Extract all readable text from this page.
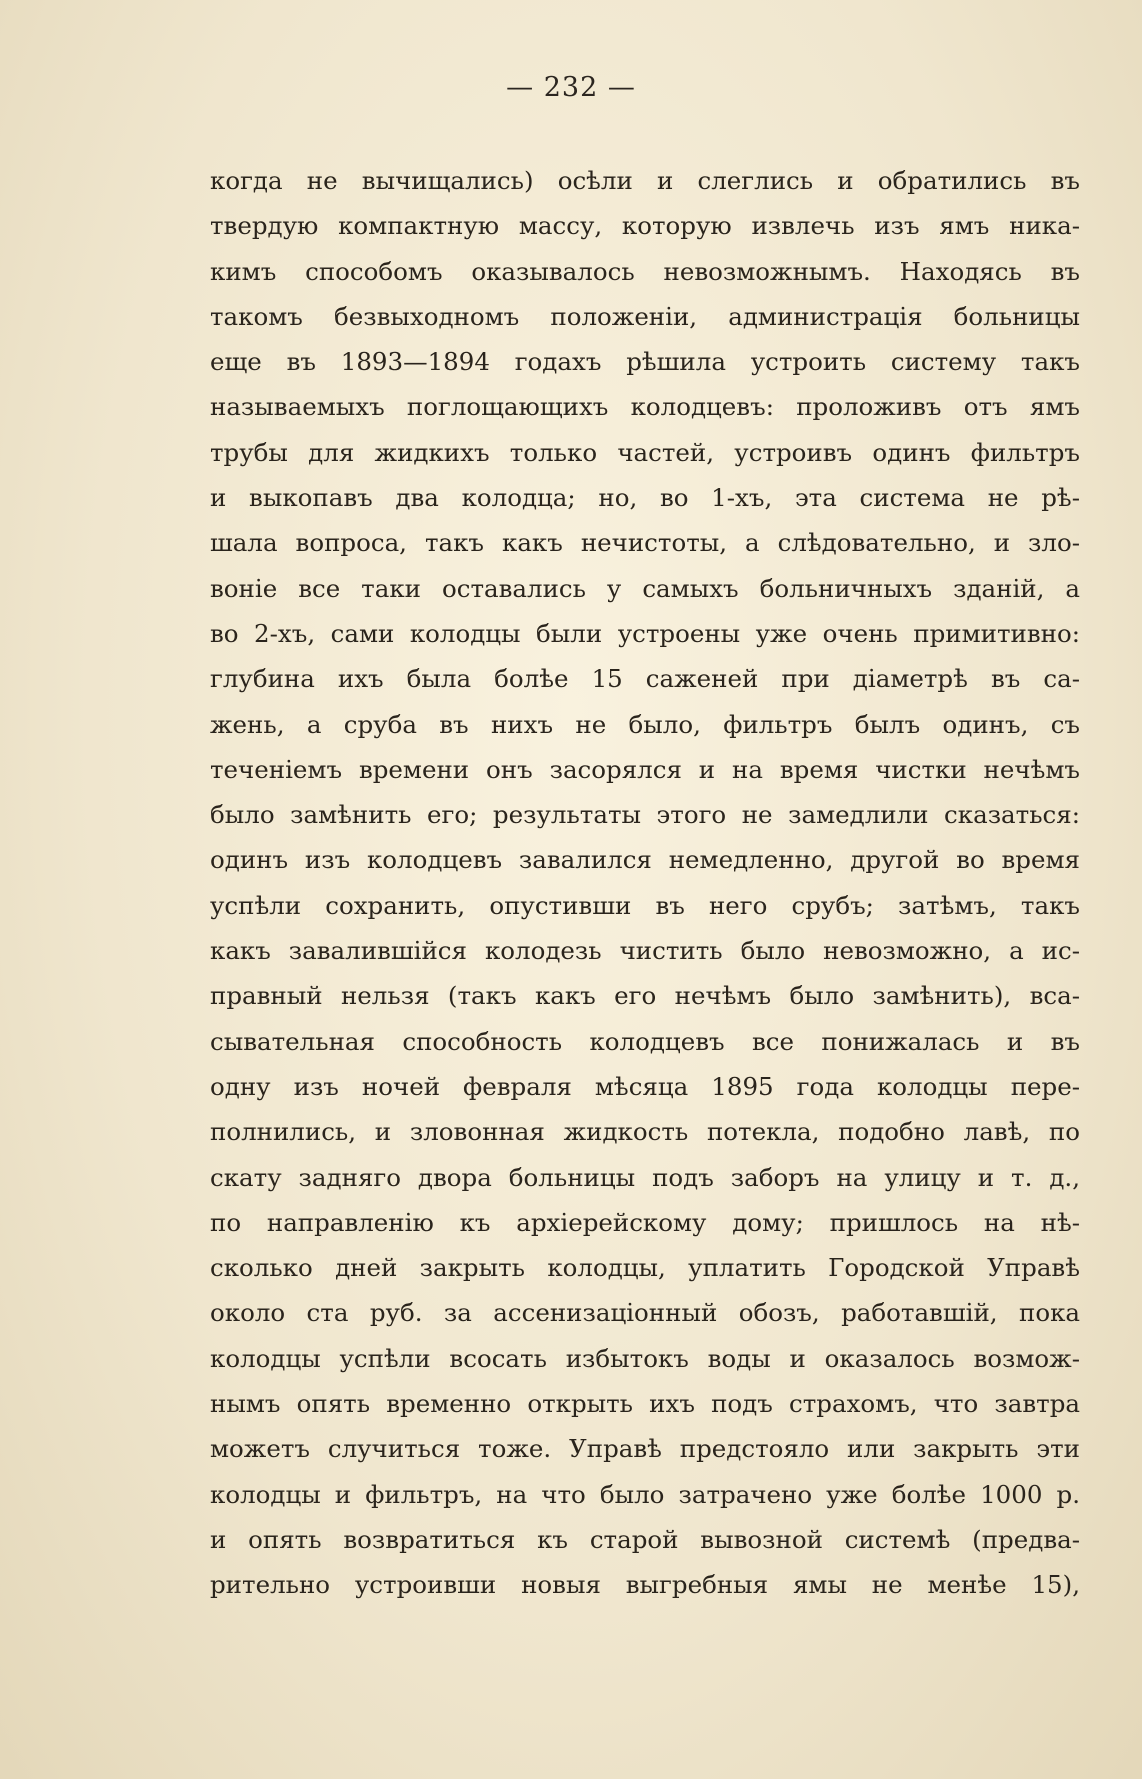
— 232 —
когда не вычищались) осѣли и слеглись и обратились въ
твердую компактную массу, которую извлечь изъ ямъ ника-
кимъ способомъ оказывалось невозможнымъ. Находясь въ
такомъ безвыходномъ положеніи, администрація больницы
еще въ 1893—1894 годахъ рѣшила устроить систему такъ
называемыхъ поглощающихъ колодцевъ: проложивъ отъ ямъ
трубы для жидкихъ только частей, устроивъ одинъ фильтръ
и выкопавъ два колодца; но, во 1-хъ, эта система не рѣ-
шала вопроса, такъ какъ нечистоты, а слѣдовательно, и зло-
воніе все таки оставались у самыхъ больничныхъ зданій, а
во 2-хъ, сами колодцы были устроены уже очень примитивно:
глубина ихъ была болѣе 15 саженей при діаметрѣ въ са-
жень, а сруба въ нихъ не было, фильтръ былъ одинъ, съ
теченіемъ времени онъ засорялся и на время чистки нечѣмъ
было замѣнить его; результаты этого не замедлили сказаться:
одинъ изъ колодцевъ завалился немедленно, другой во время
успѣли сохранить, опустивши въ него срубъ; затѣмъ, такъ
какъ завалившійся колодезь чистить было невозможно, а ис-
правный нельзя (такъ какъ его нечѣмъ было замѣнить), вса-
сывательная способность колодцевъ все понижалась и въ
одну изъ ночей февраля мѣсяца 1895 года колодцы пере-
полнились, и зловонная жидкость потекла, подобно лавѣ, по
скату задняго двора больницы подъ заборъ на улицу и т. д.,
по направленію къ архіерейскому дому; пришлось на нѣ-
сколько дней закрыть колодцы, уплатить Городской Управѣ
около ста руб. за ассенизаціонный обозъ, работавшій, пока
колодцы успѣли всосать избытокъ воды и оказалось возмож-
нымъ опять временно открыть ихъ подъ страхомъ, что завтра
можетъ случиться тоже. Управѣ предстояло или закрыть эти
колодцы и фильтръ, на что было затрачено уже болѣе 1000 р.
и опять возвратиться къ старой вывозной системѣ (предва-
рительно устроивши новыя выгребныя ямы не менѣе 15),
